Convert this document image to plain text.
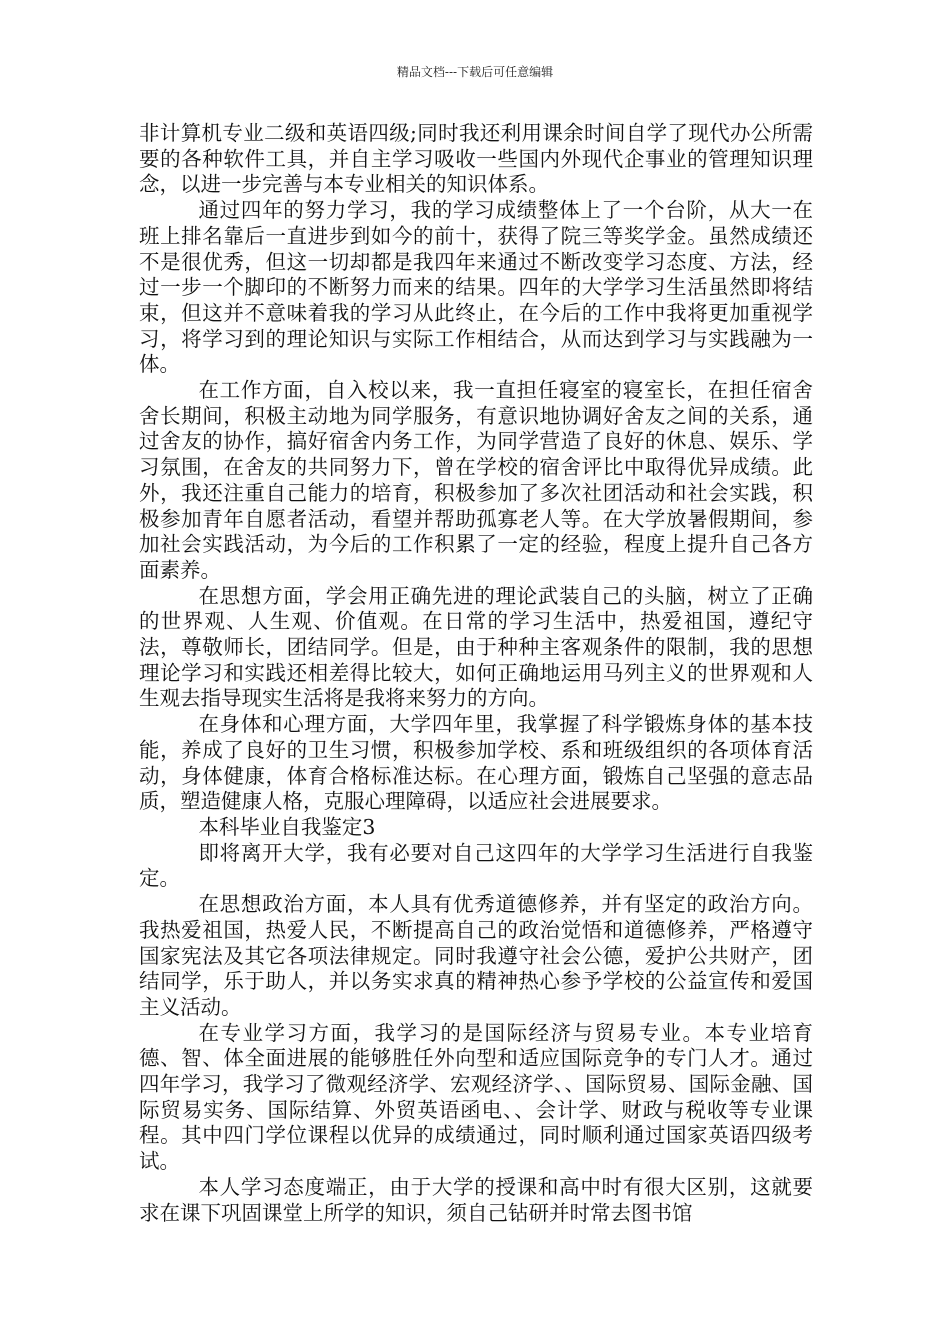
精品文档---下载后可任意编辑

非计算机专业二级和英语四级;同时我还利用课余时间自学了现代办公所需要的各种软件工具，并自主学习吸收一些国内外现代企事业的管理知识理念，以进一步完善与本专业相关的知识体系。

通过四年的努力学习，我的学习成绩整体上了一个台阶，从大一在班上排名靠后一直进步到如今的前十，获得了院三等奖学金。虽然成绩还不是很优秀，但这一切却都是我四年来通过不断改变学习态度、方法，经过一步一个脚印的不断努力而来的结果。四年的大学学习生活虽然即将结束，但这并不意味着我的学习从此终止，在今后的工作中我将更加重视学习，将学习到的理论知识与实际工作相结合，从而达到学习与实践融为一体。

在工作方面，自入校以来，我一直担任寝室的寝室长，在担任宿舍舍长期间，积极主动地为同学服务，有意识地协调好舍友之间的关系，通过舍友的协作，搞好宿舍内务工作，为同学营造了良好的休息、娱乐、学习氛围，在舍友的共同努力下，曾在学校的宿舍评比中取得优异成绩。此外，我还注重自己能力的培育，积极参加了多次社团活动和社会实践，积极参加青年自愿者活动，看望并帮助孤寡老人等。在大学放暑假期间，参加社会实践活动，为今后的工作积累了一定的经验，程度上提升自己各方面素养。

在思想方面，学会用正确先进的理论武装自己的头脑，树立了正确的世界观、人生观、价值观。在日常的学习生活中，热爱祖国，遵纪守法，尊敬师长，团结同学。但是，由于种种主客观条件的限制，我的思想理论学习和实践还相差得比较大，如何正确地运用马列主义的世界观和人生观去指导现实生活将是我将来努力的方向。

在身体和心理方面，大学四年里，我掌握了科学锻炼身体的基本技能，养成了良好的卫生习惯，积极参加学校、系和班级组织的各项体育活动，身体健康，体育合格标准达标。在心理方面，锻炼自己坚强的意志品质，塑造健康人格，克服心理障碍，以适应社会进展要求。

本科毕业自我鉴定3

即将离开大学，我有必要对自己这四年的大学学习生活进行自我鉴定。

在思想政治方面，本人具有优秀道德修养，并有坚定的政治方向。我热爱祖国，热爱人民，不断提高自己的政治觉悟和道德修养，严格遵守国家宪法及其它各项法律规定。同时我遵守社会公德，爱护公共财产，团结同学，乐于助人，并以务实求真的精神热心参予学校的公益宣传和爱国主义活动。

在专业学习方面，我学习的是国际经济与贸易专业。本专业培育德、智、体全面进展的能够胜任外向型和适应国际竞争的专门人才。通过四年学习，我学习了微观经济学、宏观经济学、、国际贸易、国际金融、国际贸易实务、国际结算、外贸英语函电、、会计学、财政与税收等专业课程。其中四门学位课程以优异的成绩通过，同时顺利通过国家英语四级考试。

本人学习态度端正，由于大学的授课和高中时有很大区别，这就要求在课下巩固课堂上所学的知识，须自己钻研并时常去图书馆
